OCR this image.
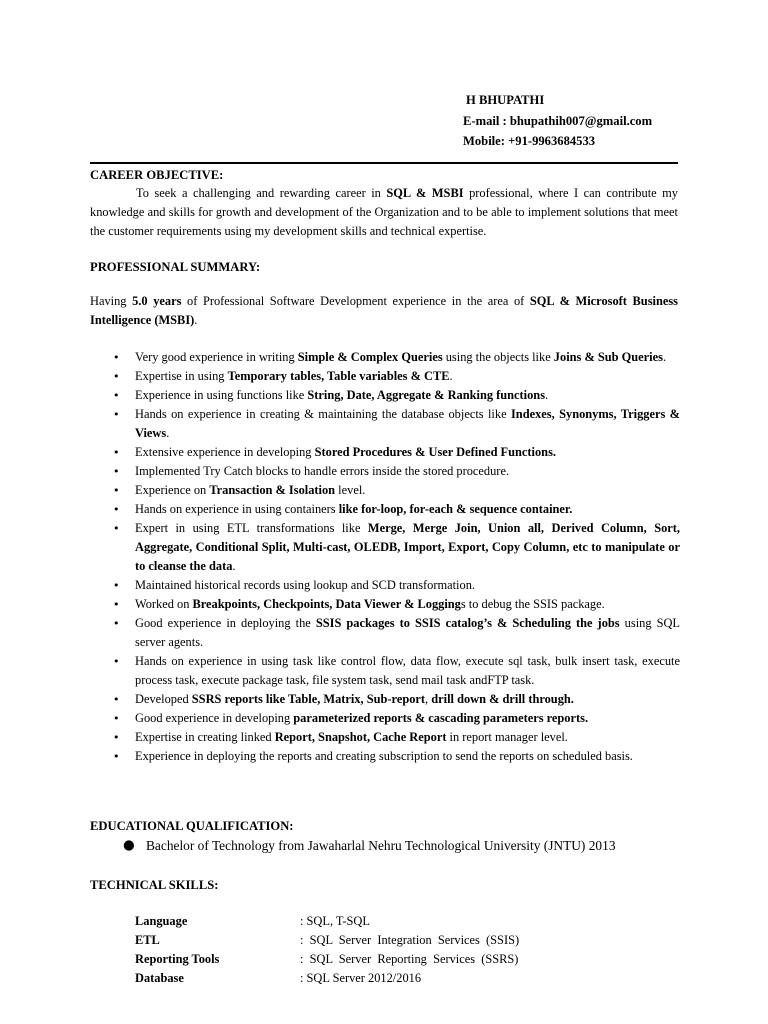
H BHUPATHI
E-mail : bhupathih007@gmail.com
Mobile: +91-9963684533
CAREER OBJECTIVE:
To seek a challenging and rewarding career in SQL & MSBI professional, where I can contribute my knowledge and skills for growth and development of the Organization and to be able to implement solutions that meet the customer requirements using my development skills and technical expertise.
PROFESSIONAL SUMMARY:
Having 5.0 years of Professional Software Development experience in the area of SQL & Microsoft Business Intelligence (MSBI).
• Very good experience in writing Simple & Complex Queries using the objects like Joins & Sub Queries.
• Expertise in using Temporary tables, Table variables & CTE.
• Experience in using functions like String, Date, Aggregate & Ranking functions.
• Hands on experience in creating & maintaining the database objects like Indexes, Synonyms, Triggers & Views.
• Extensive experience in developing Stored Procedures & User Defined Functions.
• Implemented Try Catch blocks to handle errors inside the stored procedure.
• Experience on Transaction & Isolation level.
• Hands on experience in using containers like for-loop, for-each & sequence container.
• Expert in using ETL transformations like Merge, Merge Join, Union all, Derived Column, Sort, Aggregate, Conditional Split, Multi-cast, OLEDB, Import, Export, Copy Column, etc to manipulate or to cleanse the data.
• Maintained historical records using lookup and SCD transformation.
• Worked on Breakpoints, Checkpoints, Data Viewer & Loggings to debug the SSIS package.
• Good experience in deploying the SSIS packages to SSIS catalog’s & Scheduling the jobs using SQL server agents.
• Hands on experience in using task like control flow, data flow, execute sql task, bulk insert task, execute process task, execute package task, file system task, send mail task andFTP task.
• Developed SSRS reports like Table, Matrix, Sub-report, drill down & drill through.
• Good experience in developing parameterized reports & cascading parameters reports.
• Expertise in creating linked Report, Snapshot, Cache Report in report manager level.
• Experience in deploying the reports and creating subscription to send the reports on scheduled basis.
EDUCATIONAL QUALIFICATION:
● Bachelor of Technology from Jawaharlal Nehru Technological University (JNTU) 2013
TECHNICAL SKILLS:
Language	: SQL, T-SQL
ETL	:  SQL  Server  Integration  Services  (SSIS)
Reporting Tools	:  SQL  Server  Reporting  Services  (SSRS)
Database	: SQL Server 2012/2016
